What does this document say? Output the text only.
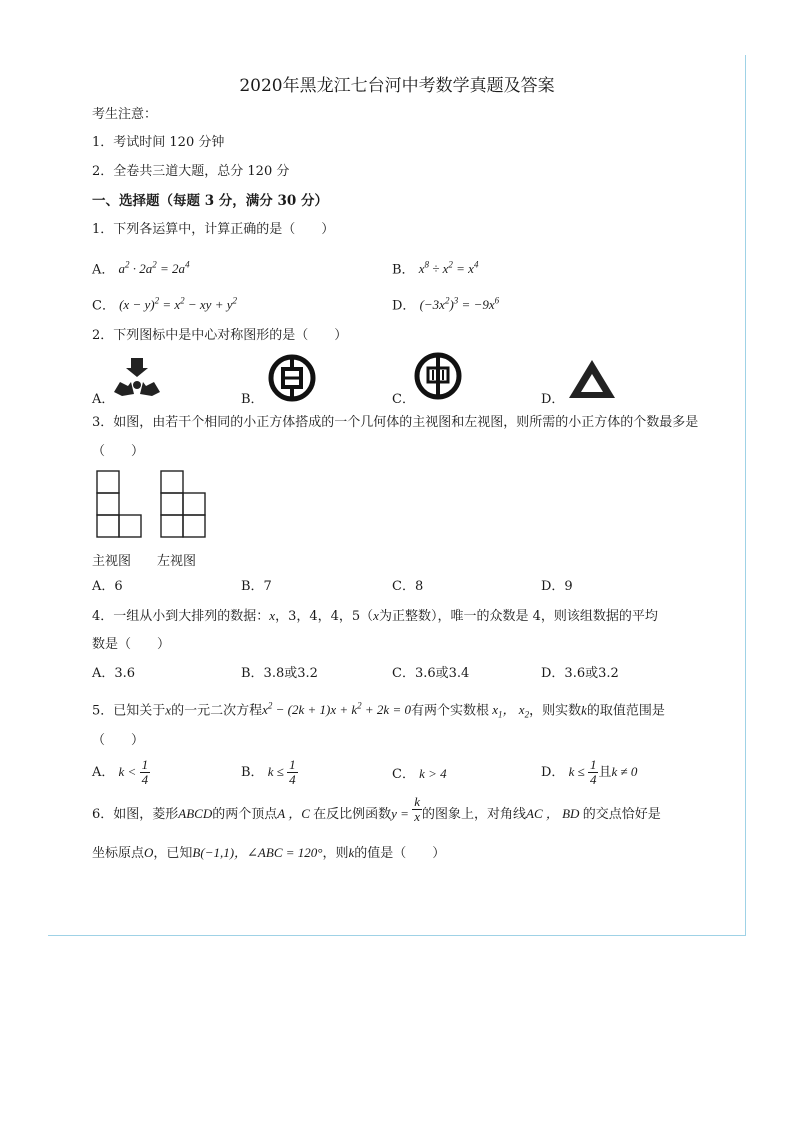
2020年黑龙江七台河中考数学真题及答案
考生注意：
1．考试时间 120 分钟
2．全卷共三道大题，总分 120 分
一、选择题（每题 3 分，满分 30 分）
1．下列各运算中，计算正确的是（　　）
A． $a^2 \cdot 2a^2 = 2a^4$	B． $x^8 \div x^2 = x^4$
C． $(x - y)^2 = x^2$ − xy + $y^2$	D． $(-3x^2)^3 = -9x^6$
2．下列图标中是中心对称图形的是（　　）
A．	B．	C．	D．
3．如图，由若干个相同的小正方体搭成的一个几何体的主视图和左视图，则所需的小正方体的个数最多是
（　　）
主视图 左视图
A．6	B．7	C．8	D．9
4．一组从小到大排列的数据：x，3，4，4，5（x为正整数），唯一的众数是 4，则该组数据的平均
数是（　　）
A．3.6	B．3.8或3.2	C．3.6或3.4	D．3.6或3.2
5．已知关于x的一元二次方程$x^2 - (2k + 1)x + k^2 + 2k = 0$有两个实数根 $x_1$， $x_2$，则实数k的取值范围是
（　　）
A． $k < \frac{1}{4}$	B． $k \le \frac{1}{4}$	C． k > 4	D． $k \le \frac{1}{4}$ 且k ≠ 0
6．如图，菱形ABCD的两个顶点A ，C 在反比例函数$y = \frac{k}{x}$ 的图象上，对角线AC ， BD 的交点恰好是
坐标原点O，已知B(−1,1)，∠ABC = 120°，则k的值是（　　）
